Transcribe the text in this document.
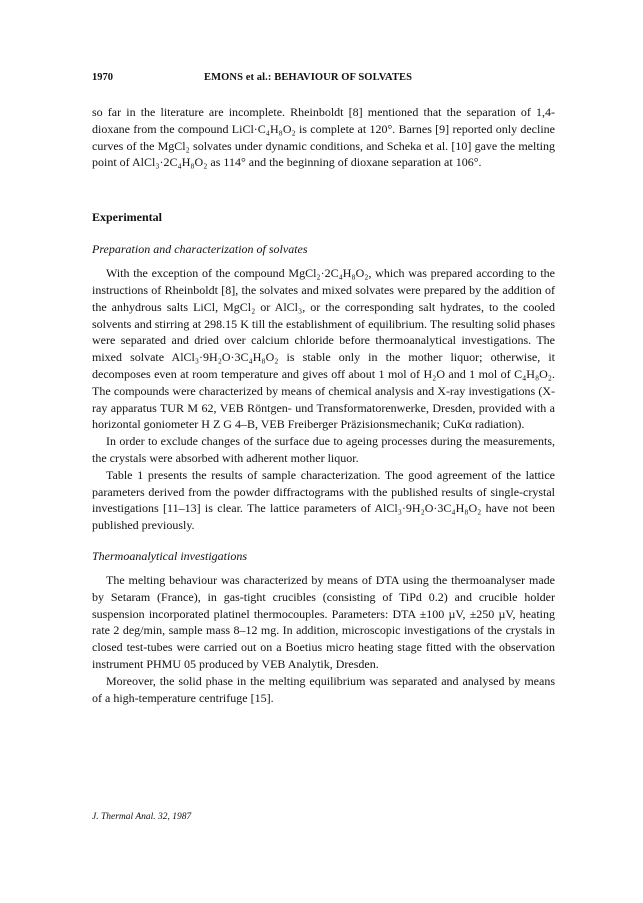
1970	EMONS et al.: BEHAVIOUR OF SOLVATES

so far in the literature are incomplete. Rheinboldt [8] mentioned that the separation of 1,4-dioxane from the compound LiCl·C₄H₈O₂ is complete at 120°. Barnes [9] reported only decline curves of the MgCl₂ solvates under dynamic conditions, and Scheka et al. [10] gave the melting point of AlCl₃·2C₄H₈O₂ as 114° and the beginning of dioxane separation at 106°.

Experimental
Preparation and characterization of solvates

With the exception of the compound MgCl₂·2C₄H₈O₂, which was prepared according to the instructions of Rheinboldt [8], the solvates and mixed solvates were prepared by the addition of the anhydrous salts LiCl, MgCl₂ or AlCl₃, or the corresponding salt hydrates, to the cooled solvents and stirring at 298.15 K till the establishment of equilibrium. The resulting solid phases were separated and dried over calcium chloride before thermoanalytical investigations. The mixed solvate AlCl₃·9H₂O·3C₄H₈O₂ is stable only in the mother liquor; otherwise, it decomposes even at room temperature and gives off about 1 mol of H₂O and 1 mol of C₄H₈O₂. The compounds were characterized by means of chemical analysis and X-ray investigations (X-ray apparatus TUR M 62, VEB Röntgen- und Transformatorenwerke, Dresden, provided with a horizontal goniometer H Z G 4–B, VEB Freiberger Präzisionsmechanik; CuKα radiation).

In order to exclude changes of the surface due to ageing processes during the measurements, the crystals were absorbed with adherent mother liquor.

Table 1 presents the results of sample characterization. The good agreement of the lattice parameters derived from the powder diffractograms with the published results of single-crystal investigations [11–13] is clear. The lattice parameters of AlCl₃·9H₂O·3C₄H₈O₂ have not been published previously.

Thermoanalytical investigations

The melting behaviour was characterized by means of DTA using the thermoanalyser made by Setaram (France), in gas-tight crucibles (consisting of TiPd 0.2) and crucible holder suspension incorporated platinel thermocouples. Parameters: DTA ±100 µV, ±250 µV, heating rate 2 deg/min, sample mass 8–12 mg. In addition, microscopic investigations of the crystals in closed test-tubes were carried out on a Boetius micro heating stage fitted with the observation instrument PHMU 05 produced by VEB Analytik, Dresden.

Moreover, the solid phase in the melting equilibrium was separated and analysed by means of a high-temperature centrifuge [15].

J. Thermal Anal. 32, 1987
